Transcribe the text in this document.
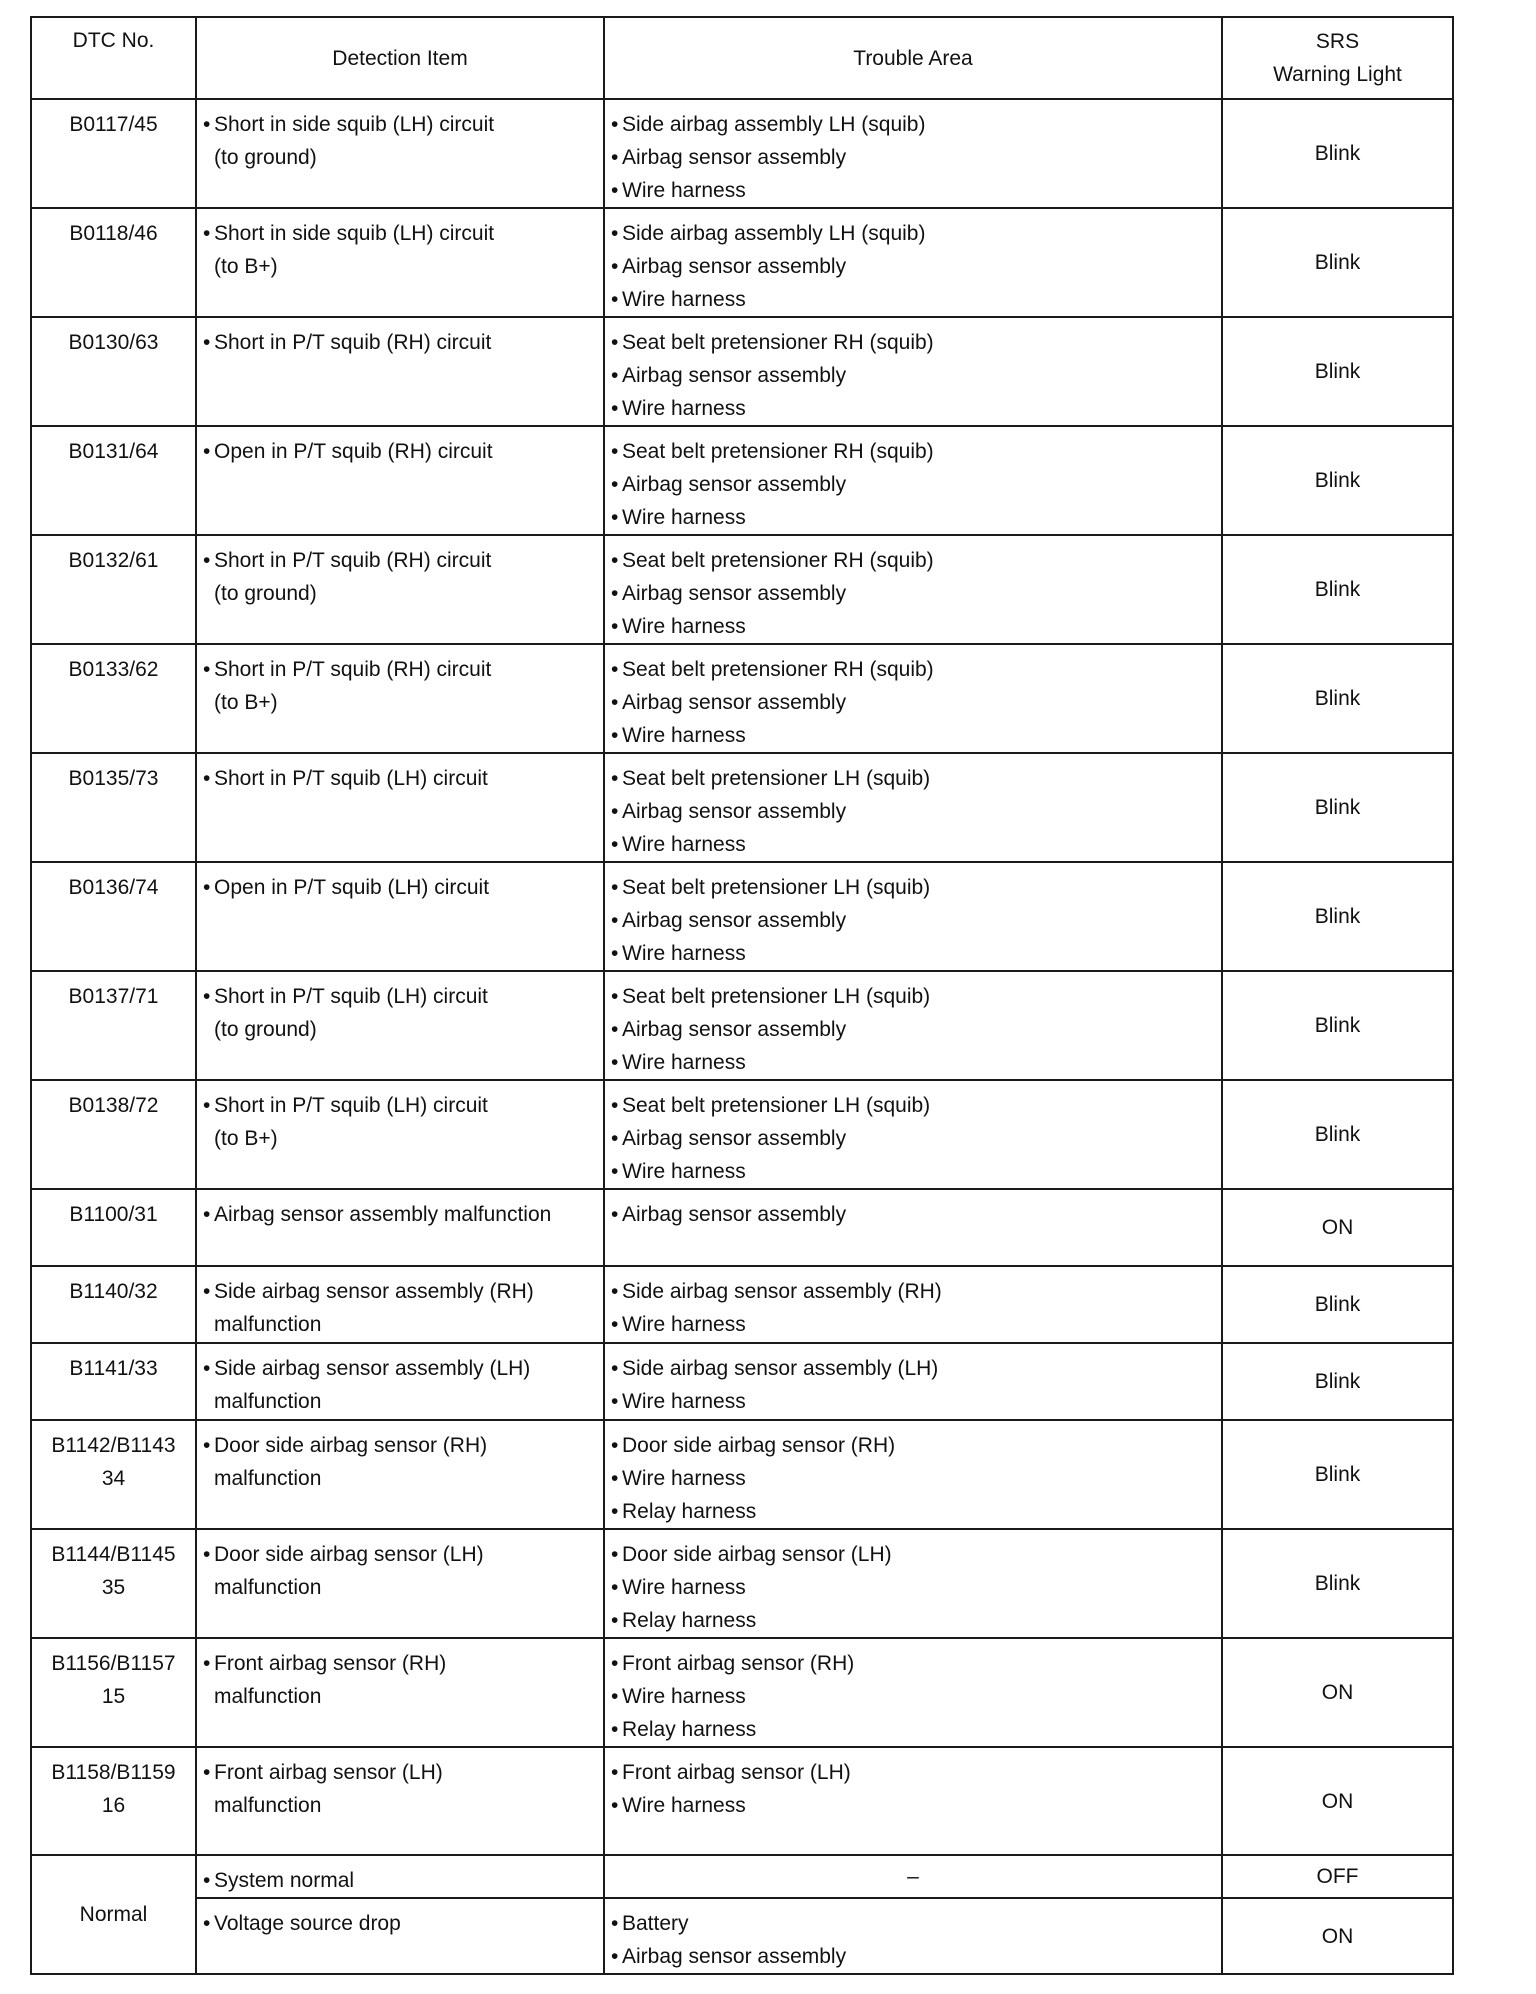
DTC No.	Detection Item	Trouble Area	SRS
Warning Light

B0117/45	• Short in side squib (LH) circuit
(to ground)	• Side airbag assembly LH (squib)
• Airbag sensor assembly
• Wire harness	Blink

B0118/46	• Short in side squib (LH) circuit
(to B+)	• Side airbag assembly LH (squib)
• Airbag sensor assembly
• Wire harness	Blink

B0130/63	• Short in P/T squib (RH) circuit	• Seat belt pretensioner RH (squib)
• Airbag sensor assembly
• Wire harness	Blink

B0131/64	• Open in P/T squib (RH) circuit	• Seat belt pretensioner RH (squib)
• Airbag sensor assembly
• Wire harness	Blink

B0132/61	• Short in P/T squib (RH) circuit
(to ground)	• Seat belt pretensioner RH (squib)
• Airbag sensor assembly
• Wire harness	Blink

B0133/62	• Short in P/T squib (RH) circuit
(to B+)	• Seat belt pretensioner RH (squib)
• Airbag sensor assembly
• Wire harness	Blink

B0135/73	• Short in P/T squib (LH) circuit	• Seat belt pretensioner LH (squib)
• Airbag sensor assembly
• Wire harness	Blink

B0136/74	• Open in P/T squib (LH) circuit	• Seat belt pretensioner LH (squib)
• Airbag sensor assembly
• Wire harness	Blink

B0137/71	• Short in P/T squib (LH) circuit
(to ground)	• Seat belt pretensioner LH (squib)
• Airbag sensor assembly
• Wire harness	Blink

B0138/72	• Short in P/T squib (LH) circuit
(to B+)	• Seat belt pretensioner LH (squib)
• Airbag sensor assembly
• Wire harness	Blink

B1100/31	• Airbag sensor assembly malfunction	• Airbag sensor assembly	ON

B1140/32	• Side airbag sensor assembly (RH)
malfunction	• Side airbag sensor assembly (RH)
• Wire harness	Blink

B1141/33	• Side airbag sensor assembly (LH)
malfunction	• Side airbag sensor assembly (LH)
• Wire harness	Blink

B1142/B1143
34	• Door side airbag sensor (RH)
malfunction	• Door side airbag sensor (RH)
• Wire harness
• Relay harness	Blink

B1144/B1145
35	• Door side airbag sensor (LH)
malfunction	• Door side airbag sensor (LH)
• Wire harness
• Relay harness	Blink

B1156/B1157
15	• Front airbag sensor (RH)
malfunction	• Front airbag sensor (RH)
• Wire harness
• Relay harness	ON

B1158/B1159
16	• Front airbag sensor (LH)
malfunction	• Front airbag sensor (LH)
• Wire harness	ON
Normal	• System normal	–	OFF

	• Voltage source drop	• Battery
• Airbag sensor assembly	ON
